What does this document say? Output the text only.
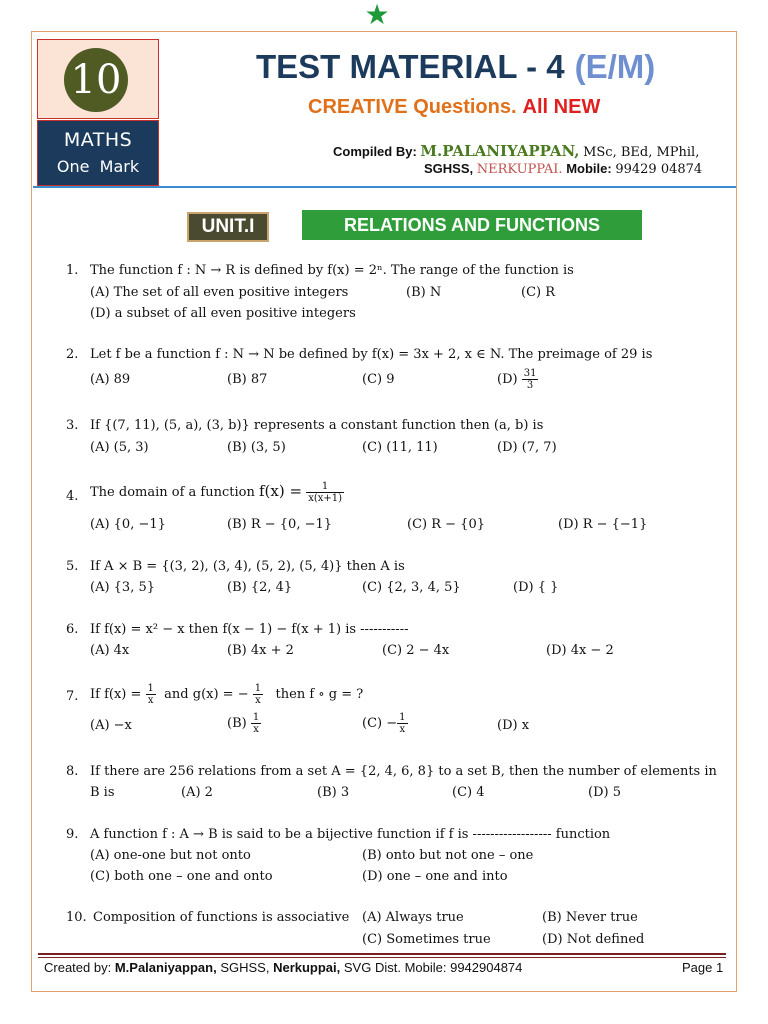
★
10
MATHS
One  Mark
TEST MATERIAL - 4 (E/M)
CREATIVE Questions. All NEW
Compiled By: M.PALANIYAPPAN, MSc, BEd, MPhil,
SGHSS, NERKUPPAI. Mobile: 99429 04874
UNIT.I	RELATIONS AND FUNCTIONS
1. The function f : N → R is defined by f(x) = 2ⁿ. The range of the function is
(A) The set of all even positive integers	(B) N	(C) R
(D) a subset of all even positive integers
2. Let f be a function f : N → N be defined by f(x) = 3x + 2, x ∈ N. The preimage of 29 is
(A) 89	(B) 87	(C) 9	$(D) \frac{31}{3}$
3. If {(7, 11), (5, a), (3, b)} represents a constant function then (a, b) is
(A) (5, 3)	(B) (3, 5)	(C) (11, 11)	(D) (7, 7)
4. The domain of a function $f(x) = \frac{1}{x(x+1)}$
(A) {0, −1}	(B) R − {0, −1}	(C) R − {0}	(D) R − {−1}
5. If A × B = {(3, 2), (3, 4), (5, 2), (5, 4)} then A is
(A) {3, 5}	(B) {2, 4}	(C) {2, 3, 4, 5}	(D) { }
6. If f(x) = x² − x then f(x − 1) − f(x + 1) is -----------
(A) 4x	(B) 4x + 2	(C) 2 − 4x	(D) 4x − 2
7. If $f(x) = \frac{1}{x}$ and g(x) = − $\frac{1}{x}$ then f ∘ g = ?
(A) −x	$(B) \frac{1}{x}$	$(C) - \frac{1}{x}$	(D) x
8. If there are 256 relations from a set A = {2, 4, 6, 8} to a set B, then the number of elements in
B is	(A) 2	(B) 3	(C) 4	(D) 5
9. A function f : A → B is said to be a bijective function if f is ------------------ function
(A) one-one but not onto	(B) onto but not one – one
(C) both one – one and onto	(D) one – one and into
10. Composition of functions is associative (A) Always true	(B) Never true
(C) Sometimes true	(D) Not defined
Created by: M.Palaniyappan, SGHSS, Nerkuppai, SVG Dist. Mobile: 9942904874	Page 1
